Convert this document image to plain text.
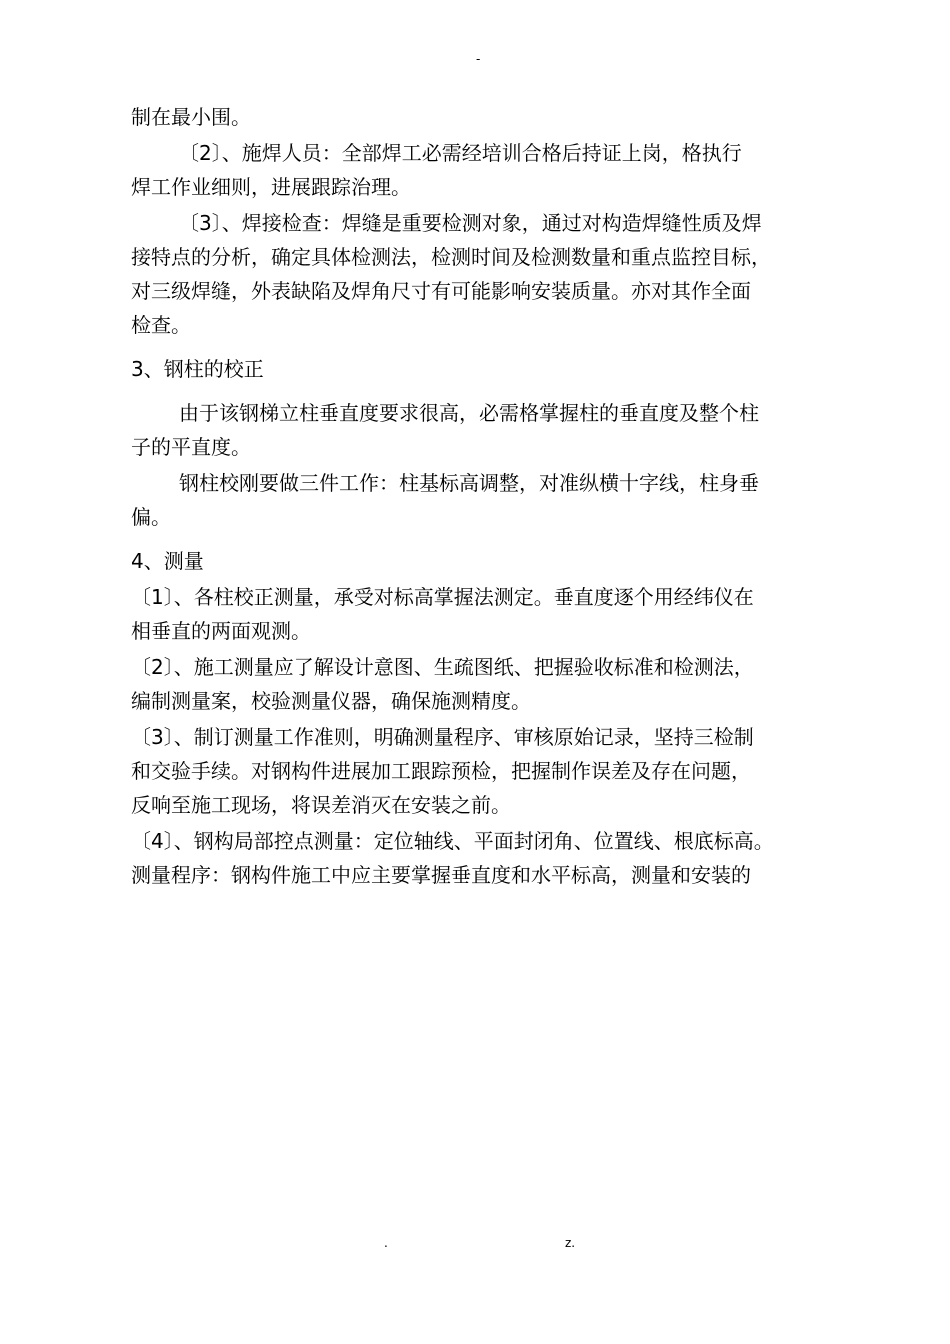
-
制在最小围。
〔2〕、施焊人员：全部焊工必需经培训合格后持证上岗，格执行
焊工作业细则，进展跟踪治理。
〔3〕、焊接检查：焊缝是重要检测对象，通过对构造焊缝性质及焊
接特点的分析，确定具体检测法，检测时间及检测数量和重点监控目标，
对三级焊缝，外表缺陷及焊角尺寸有可能影响安装质量。亦对其作全面
检查。
3、钢柱的校正
由于该钢梯立柱垂直度要求很高，必需格掌握柱的垂直度及整个柱
子的平直度。
钢柱校刚要做三件工作：柱基标高调整，对准纵横十字线，柱身垂
偏。
4、测量
〔1〕、各柱校正测量，承受对标高掌握法测定。垂直度逐个用经纬仪在
相垂直的两面观测。
〔2〕、施工测量应了解设计意图、生疏图纸、把握验收标准和检测法，
编制测量案，校验测量仪器，确保施测精度。
〔3〕、制订测量工作准则，明确测量程序、审核原始记录，坚持三检制
和交验手续。对钢构件进展加工跟踪预检，把握制作误差及存在问题，
反响至施工现场，将误差消灭在安装之前。
〔4〕、钢构局部控点测量：定位轴线、平面封闭角、位置线、根底标高。
测量程序：钢构件施工中应主要掌握垂直度和水平标高，测量和安装的
.	z.
